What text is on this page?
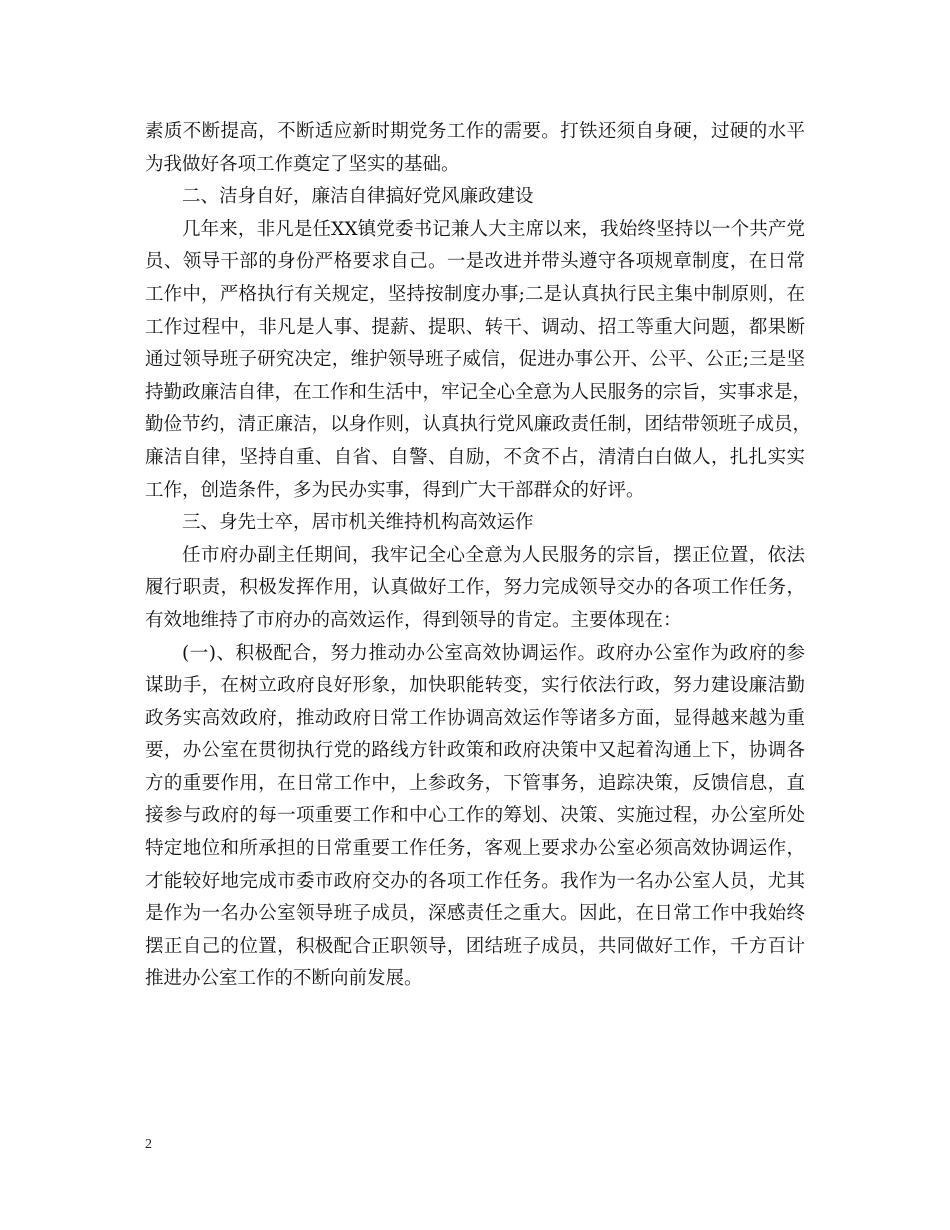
素质不断提高，不断适应新时期党务工作的需要。打铁还须自身硬，过硬的水平
为我做好各项工作奠定了坚实的基础。
二、洁身自好，廉洁自律搞好党风廉政建设
几年来，非凡是任XX镇党委书记兼人大主席以来，我始终坚持以一个共产党
员、领导干部的身份严格要求自己。一是改进并带头遵守各项规章制度，在日常
工作中，严格执行有关规定，坚持按制度办事;二是认真执行民主集中制原则，在
工作过程中，非凡是人事、提薪、提职、转干、调动、招工等重大问题，都果断
通过领导班子研究决定，维护领导班子威信，促进办事公开、公平、公正;三是坚
持勤政廉洁自律，在工作和生活中，牢记全心全意为人民服务的宗旨，实事求是，
勤俭节约，清正廉洁，以身作则，认真执行党风廉政责任制，团结带领班子成员，
廉洁自律，坚持自重、自省、自警、自励，不贪不占，清清白白做人，扎扎实实
工作，创造条件，多为民办实事，得到广大干部群众的好评。
三、身先士卒，居市机关维持机构高效运作
任市府办副主任期间，我牢记全心全意为人民服务的宗旨，摆正位置，依法
履行职责，积极发挥作用，认真做好工作，努力完成领导交办的各项工作任务，
有效地维持了市府办的高效运作，得到领导的肯定。主要体现在：
(一)、积极配合，努力推动办公室高效协调运作。政府办公室作为政府的参
谋助手，在树立政府良好形象，加快职能转变，实行依法行政，努力建设廉洁勤
政务实高效政府，推动政府日常工作协调高效运作等诸多方面，显得越来越为重
要，办公室在贯彻执行党的路线方针政策和政府决策中又起着沟通上下，协调各
方的重要作用，在日常工作中，上参政务，下管事务，追踪决策，反馈信息，直
接参与政府的每一项重要工作和中心工作的筹划、决策、实施过程，办公室所处
特定地位和所承担的日常重要工作任务，客观上要求办公室必须高效协调运作，
才能较好地完成市委市政府交办的各项工作任务。我作为一名办公室人员，尤其
是作为一名办公室领导班子成员，深感责任之重大。因此，在日常工作中我始终
摆正自己的位置，积极配合正职领导，团结班子成员，共同做好工作，千方百计
推进办公室工作的不断向前发展。
2
